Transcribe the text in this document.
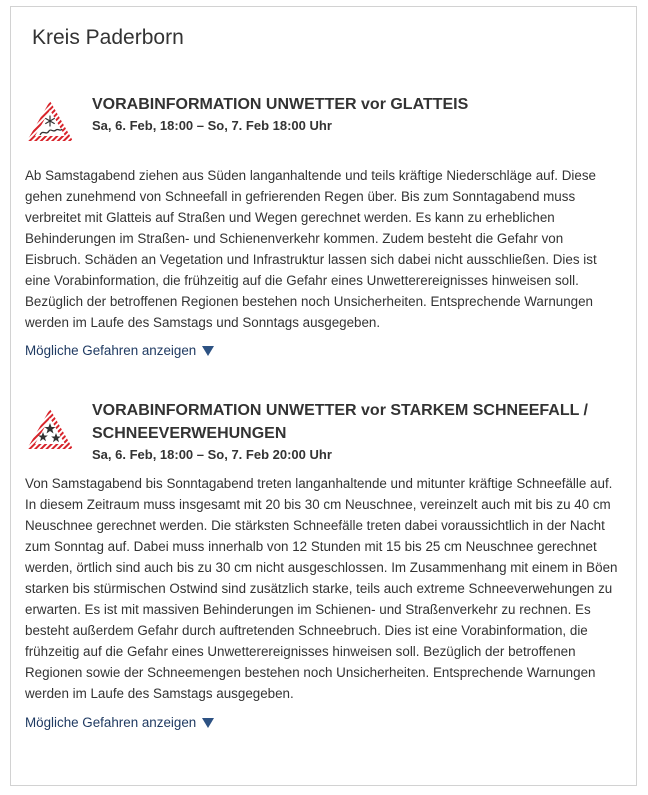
Kreis Paderborn
VORABINFORMATION UNWETTER vor GLATTEIS
Sa, 6. Feb, 18:00 – So, 7. Feb 18:00 Uhr

Ab Samstagabend ziehen aus Süden langanhaltende und teils kräftige Niederschläge auf. Diese gehen zunehmend von Schneefall in gefrierenden Regen über. Bis zum Sonntagabend muss verbreitet mit Glatteis auf Straßen und Wegen gerechnet werden. Es kann zu erheblichen Behinderungen im Straßen- und Schienenverkehr kommen. Zudem besteht die Gefahr von Eisbruch. Schäden an Vegetation und Infrastruktur lassen sich dabei nicht ausschließen. Dies ist eine Vorabinformation, die frühzeitig auf die Gefahr eines Unwetterereignisses hinweisen soll. Bezüglich der betroffenen Regionen bestehen noch Unsicherheiten. Entsprechende Warnungen werden im Laufe des Samstags und Sonntags ausgegeben.

Mögliche Gefahren anzeigen
VORABINFORMATION UNWETTER vor STARKEM SCHNEEFALL / SCHNEEVERWEHUNGEN
Sa, 6. Feb, 18:00 – So, 7. Feb 20:00 Uhr

Von Samstagabend bis Sonntagabend treten langanhaltende und mitunter kräftige Schneefälle auf. In diesem Zeitraum muss insgesamt mit 20 bis 30 cm Neuschnee, vereinzelt auch mit bis zu 40 cm Neuschnee gerechnet werden. Die stärksten Schneefälle treten dabei voraussichtlich in der Nacht zum Sonntag auf. Dabei muss innerhalb von 12 Stunden mit 15 bis 25 cm Neuschnee gerechnet werden, örtlich sind auch bis zu 30 cm nicht ausgeschlossen. Im Zusammenhang mit einem in Böen starken bis stürmischen Ostwind sind zusätzlich starke, teils auch extreme Schneeverwehungen zu erwarten. Es ist mit massiven Behinderungen im Schienen- und Straßenverkehr zu rechnen. Es besteht außerdem Gefahr durch auftretenden Schneebruch. Dies ist eine Vorabinformation, die frühzeitig auf die Gefahr eines Unwetterereignisses hinweisen soll. Bezüglich der betroffenen Regionen sowie der Schneemengen bestehen noch Unsicherheiten. Entsprechende Warnungen werden im Laufe des Samstags ausgegeben.

Mögliche Gefahren anzeigen
